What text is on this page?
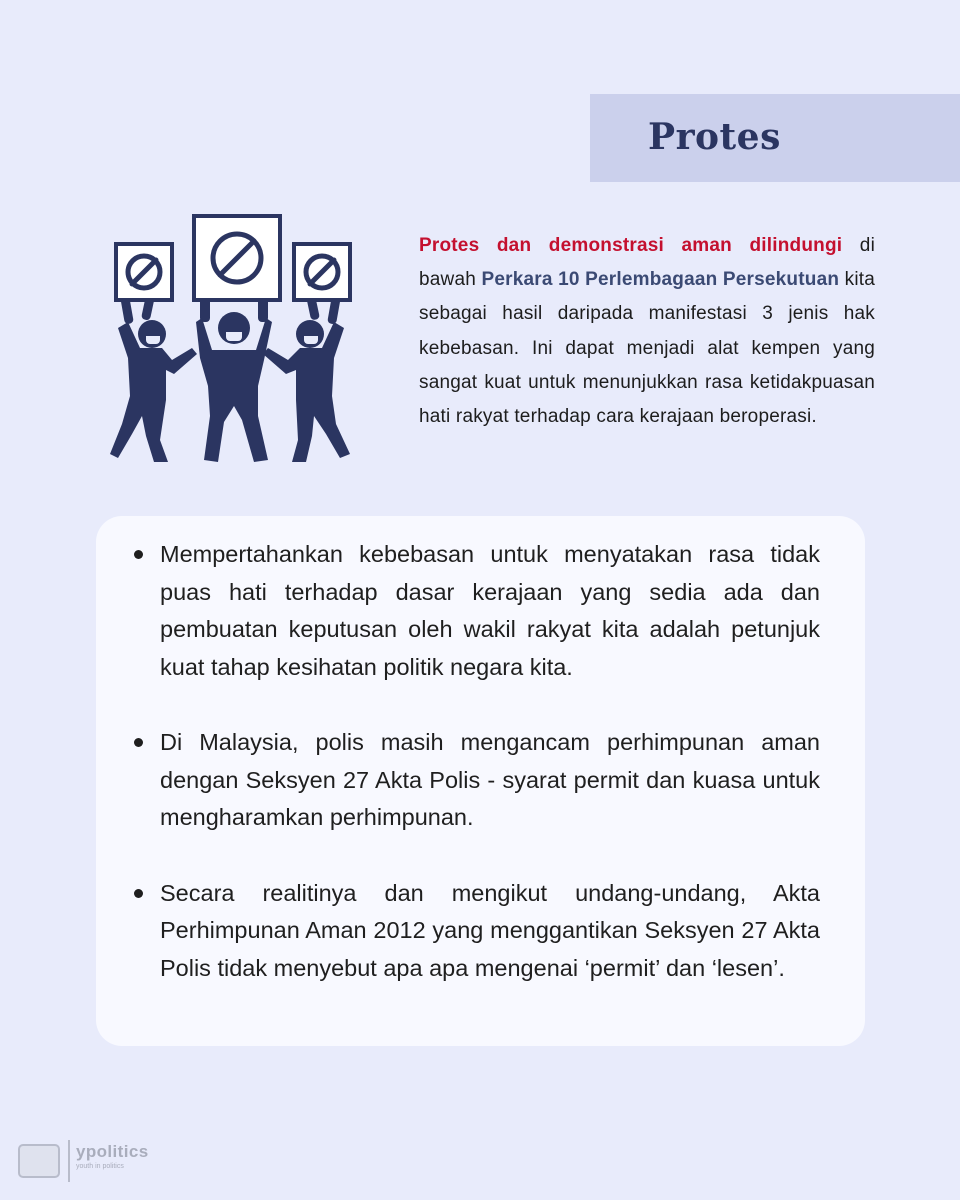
Protes
Protes dan demonstrasi aman dilindungi di bawah Perkara 10 Perlembagaan Persekutuan kita sebagai hasil daripada manifestasi 3 jenis hak kebebasan. Ini dapat menjadi alat kempen yang sangat kuat untuk menunjukkan rasa ketidakpuasan hati rakyat terhadap cara kerajaan beroperasi.
Mempertahankan kebebasan untuk menyatakan rasa tidak puas hati terhadap dasar kerajaan yang sedia ada dan pembuatan keputusan oleh wakil rakyat kita adalah petunjuk kuat tahap kesihatan politik negara kita.
Di Malaysia, polis masih mengancam perhimpunan aman dengan Seksyen 27 Akta Polis - syarat permit dan kuasa untuk mengharamkan perhimpunan.
Secara realitinya dan mengikut undang-undang, Akta Perhimpunan Aman 2012 yang menggantikan Seksyen 27 Akta Polis tidak menyebut apa apa mengenai ‘permit’ dan ‘lesen’.
ypolitics
youth in politics
